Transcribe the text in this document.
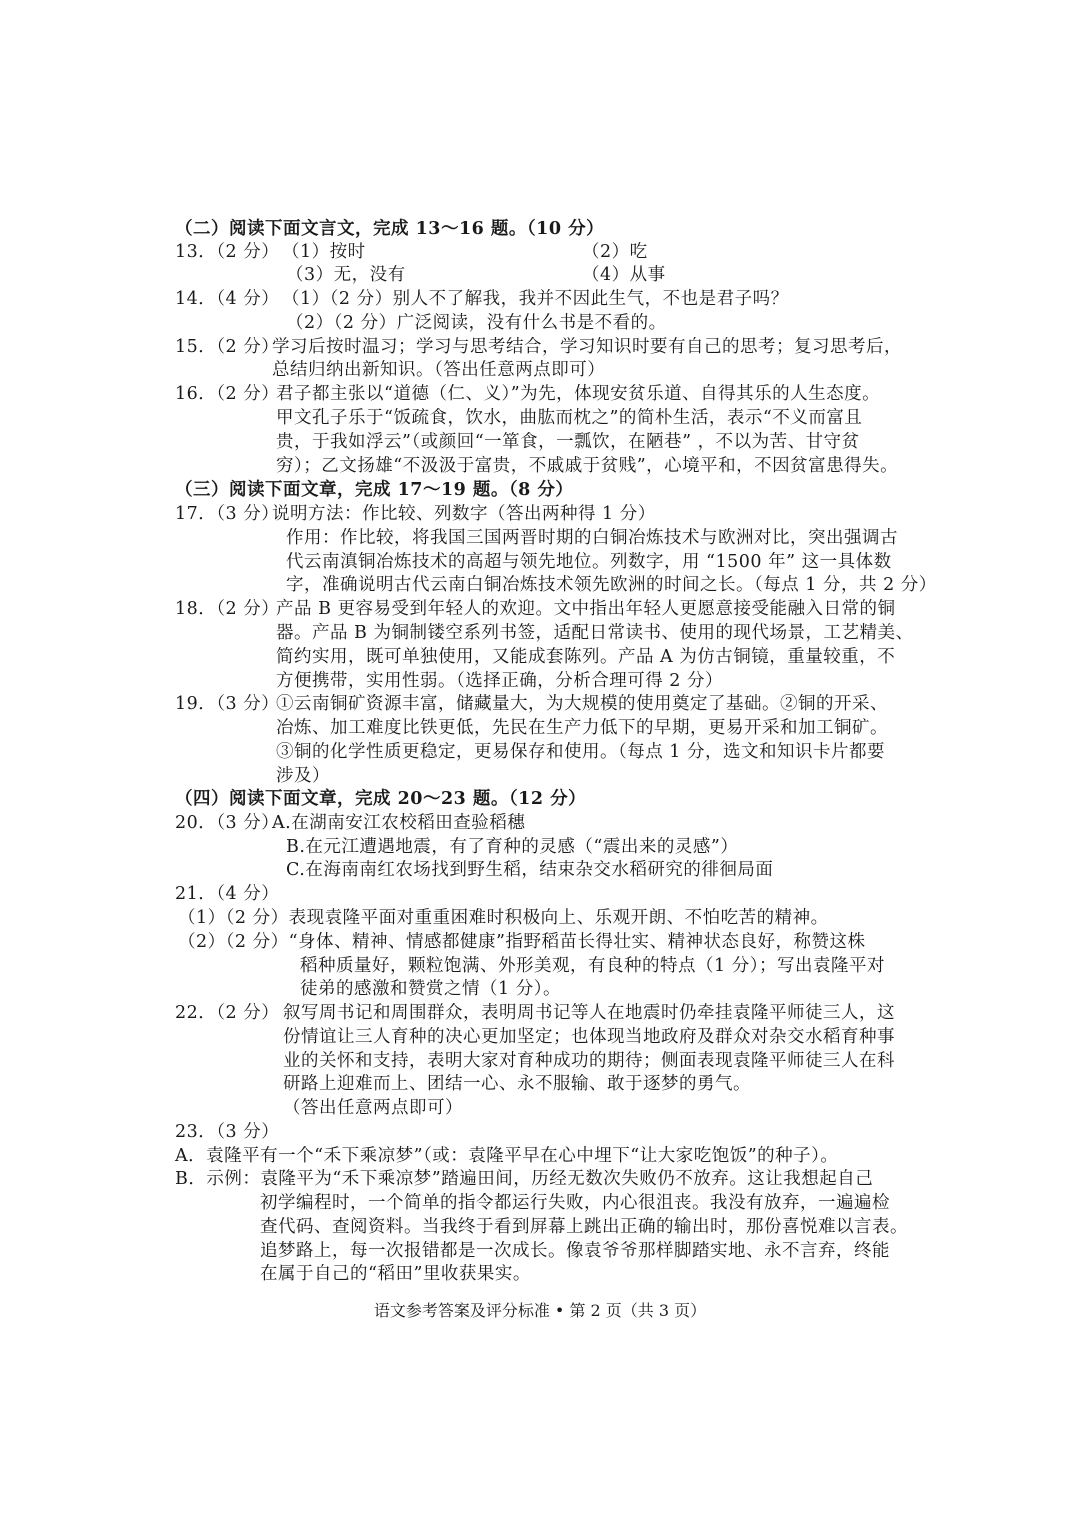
（二）阅读下面文言文，完成 13～16 题。（10 分）
13．（2 分） （1）按时	（2）吃
（3）无，没有	（4）从事
14．（4 分） （1）（2 分）别人不了解我，我并不因此生气，不也是君子吗？
（2）（2 分）广泛阅读，没有什么书是不看的。
15．（2 分）
学习后按时温习；学习与思考结合，学习知识时要有自己的思考；复习思考后，
总结归纳出新知识。（答出任意两点即可）
16．（2 分）
君子都主张以“道德（仁、义）”为先，体现安贫乐道、自得其乐的人生态度。
甲文孔子乐于“饭疏食，饮水，曲肱而枕之”的简朴生活，表示“不义而富且
贵，于我如浮云”（或颜回“一箪食，一瓢饮，在陋巷” ，不以为苦、甘守贫
穷）；乙文扬雄“不汲汲于富贵，不戚戚于贫贱”，心境平和，不因贫富患得失。
（三）阅读下面文章，完成 17～19 题。（8 分）
17．（3 分）
说明方法：作比较、列数字（答出两种得 1 分）
作用：作比较，将我国三国两晋时期的白铜冶炼技术与欧洲对比，突出强调古
代云南滇铜冶炼技术的高超与领先地位。列数字，用 “1500 年” 这一具体数
字，准确说明古代云南白铜冶炼技术领先欧洲的时间之长。（每点 1 分，共 2 分）
18．（2 分）
产品 B 更容易受到年轻人的欢迎。文中指出年轻人更愿意接受能融入日常的铜
器。产品 B 为铜制镂空系列书签，适配日常读书、使用的现代场景，工艺精美、
简约实用，既可单独使用，又能成套陈列。产品 A 为仿古铜镜，重量较重，不
方便携带，实用性弱。（选择正确，分析合理可得 2 分）
19．（3 分）
①云南铜矿资源丰富，储藏量大，为大规模的使用奠定了基础。②铜的开采、
冶炼、加工难度比铁更低，先民在生产力低下的早期，更易开采和加工铜矿。
③铜的化学性质更稳定，更易保存和使用。（每点 1 分，选文和知识卡片都要
涉及）
（四）阅读下面文章，完成 20～23 题。（12 分）
20．（3 分）
A.在湖南安江农校稻田查验稻穗
B.在元江遭遇地震，有了育种的灵感（“震出来的灵感”）
C.在海南南红农场找到野生稻，结束杂交水稻研究的徘徊局面
21．（4 分）
（1）（2 分）表现袁隆平面对重重困难时积极向上、乐观开朗、不怕吃苦的精神。
（2）（2 分）“身体、精神、情感都健康”指野稻苗长得壮实、精神状态良好，称赞这株
稻种质量好，颗粒饱满、外形美观，有良种的特点（1 分）；写出袁隆平对
徒弟的感激和赞赏之情（1 分）。
22．（2 分） 叙写周书记和周围群众，表明周书记等人在地震时仍牵挂袁隆平师徒三人，这
份情谊让三人育种的决心更加坚定；也体现当地政府及群众对杂交水稻育种事
业的关怀和支持，表明大家对育种成功的期待；侧面表现袁隆平师徒三人在科
研路上迎难而上、团结一心、永不服输、敢于逐梦的勇气。
（答出任意两点即可）
23．（3 分）
A．袁隆平有一个“禾下乘凉梦”（或：袁隆平早在心中埋下“让大家吃饱饭”的种子）。
B．示例：袁隆平为“禾下乘凉梦”踏遍田间，历经无数次失败仍不放弃。这让我想起自己
初学编程时，一个简单的指令都运行失败，内心很沮丧。我没有放弃，一遍遍检
查代码、查阅资料。当我终于看到屏幕上跳出正确的输出时，那份喜悦难以言表。
追梦路上，每一次报错都是一次成长。像袁爷爷那样脚踏实地、永不言弃，终能
在属于自己的“稻田”里收获果实。
语文参考答案及评分标准 • 第 2 页（共 3 页）
